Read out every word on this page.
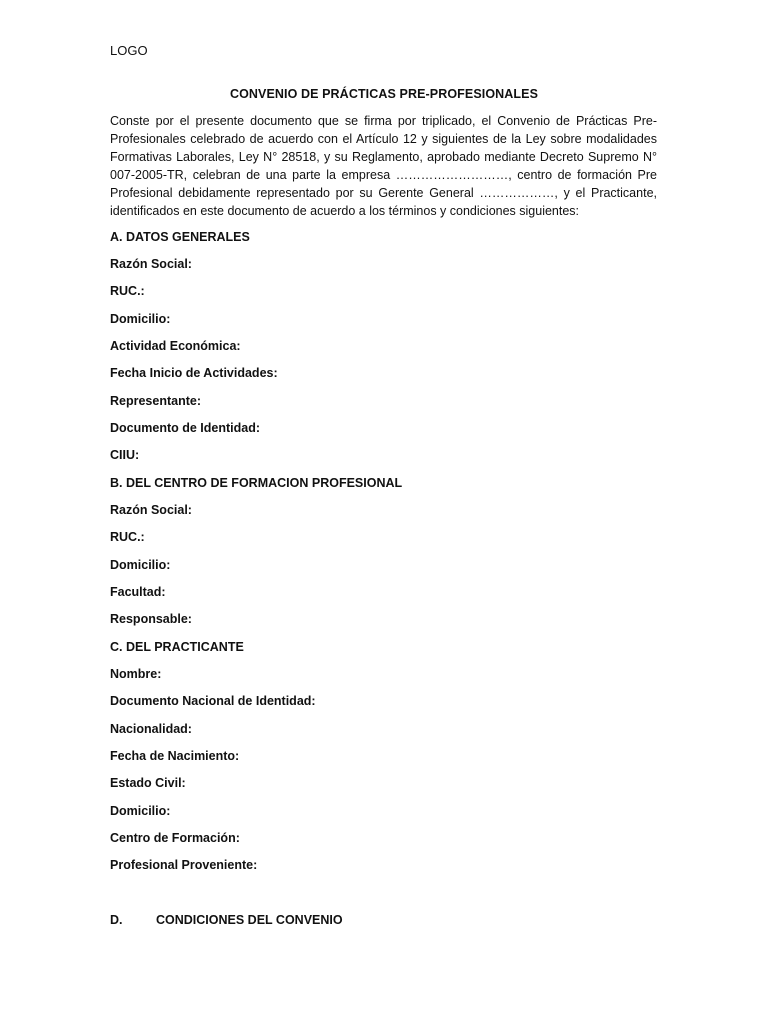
LOGO
CONVENIO DE PRÁCTICAS PRE-PROFESIONALES

Conste por el presente documento que se firma por triplicado, el Convenio de Prácticas Pre-Profesionales celebrado de acuerdo con el Artículo 12 y siguientes de la Ley sobre modalidades Formativas Laborales, Ley N° 28518, y su Reglamento, aprobado mediante Decreto Supremo N° 007-2005-TR, celebran de una parte la empresa ………………………, centro de formación Pre Profesional debidamente representado por su Gerente General ………………, y el Practicante, identificados en este documento de acuerdo a los términos y condiciones siguientes:

A. DATOS GENERALES
Razón Social:
RUC.:
Domicilio:
Actividad Económica:
Fecha Inicio de Actividades:
Representante:
Documento de Identidad:
CIIU:
B. DEL CENTRO DE FORMACION PROFESIONAL
Razón Social:
RUC.:
Domicilio:
Facultad:
Responsable:
C. DEL PRACTICANTE
Nombre:
Documento Nacional de Identidad:
Nacionalidad:
Fecha de Nacimiento:
Estado Civil:
Domicilio:
Centro de Formación:
Profesional Proveniente:
D.	CONDICIONES DEL CONVENIO
